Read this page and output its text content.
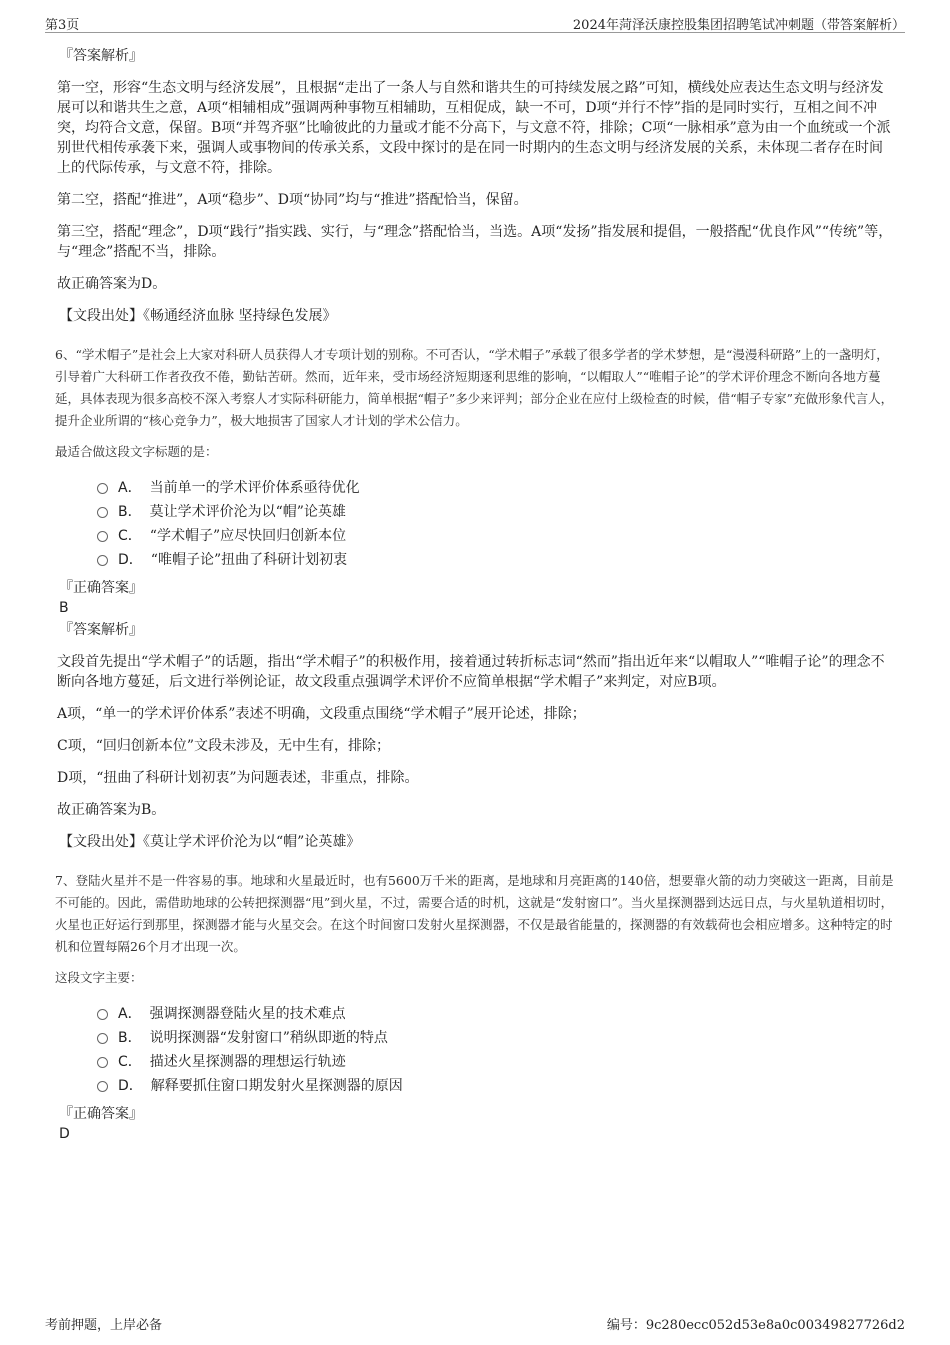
第3页	2024年菏泽沃康控股集团招聘笔试冲刺题（带答案解析）
『答案解析』
第一空，形容“生态文明与经济发展”，且根据“走出了一条人与自然和谐共生的可持续发展之路”可知，横线处应表达生态文明与经济发展可以和谐共生之意，A项“相辅相成”强调两种事物互相辅助，互相促成，缺一不可，D项“并行不悖”指的是同时实行，互相之间不冲突，均符合文意，保留。B项“并驾齐驱”比喻彼此的力量或才能不分高下，与文意不符，排除；C项“一脉相承”意为由一个血统或一个派别世代相传承袭下来，强调人或事物间的传承关系，文段中探讨的是在同一时期内的生态文明与经济发展的关系，未体现二者存在时间上的代际传承，与文意不符，排除。
第二空，搭配“推进”，A项“稳步”、D项“协同”均与“推进”搭配恰当，保留。
第三空，搭配“理念”，D项“践行”指实践、实行，与“理念”搭配恰当，当选。A项“发扬”指发展和提倡，一般搭配“优良作风”“传统”等，与“理念”搭配不当，排除。
故正确答案为D。
【文段出处】《畅通经济血脉 坚持绿色发展》
6、“学术帽子”是社会上大家对科研人员获得人才专项计划的别称。不可否认，“学术帽子”承载了很多学者的学术梦想，是“漫漫科研路”上的一盏明灯，引导着广大科研工作者孜孜不倦，勤钻苦研。然而，近年来，受市场经济短期逐利思维的影响，“以帽取人”“唯帽子论”的学术评价理念不断向各地方蔓延，具体表现为很多高校不深入考察人才实际科研能力，简单根据“帽子”多少来评判；部分企业在应付上级检查的时候，借“帽子专家”充做形象代言人，提升企业所谓的“核心竞争力”，极大地损害了国家人才计划的学术公信力。
最适合做这段文字标题的是：
A． 当前单一的学术评价体系亟待优化
B． 莫让学术评价沦为以“帽”论英雄
C． “学术帽子”应尽快回归创新本位
D． “唯帽子论”扭曲了科研计划初衷
『正确答案』
B
『答案解析』
文段首先提出“学术帽子”的话题，指出“学术帽子”的积极作用，接着通过转折标志词“然而”指出近年来“以帽取人”“唯帽子论”的理念不断向各地方蔓延，后文进行举例论证，故文段重点强调学术评价不应简单根据“学术帽子”来判定，对应B项。
A项，“单一的学术评价体系”表述不明确，文段重点围绕“学术帽子”展开论述，排除；
C项，“回归创新本位”文段未涉及，无中生有，排除；
D项，“扭曲了科研计划初衷”为问题表述，非重点，排除。
故正确答案为B。
【文段出处】《莫让学术评价沦为以“帽”论英雄》
7、登陆火星并不是一件容易的事。地球和火星最近时，也有5600万千米的距离，是地球和月亮距离的140倍，想要靠火箭的动力突破这一距离，目前是不可能的。因此，需借助地球的公转把探测器“甩”到火星，不过，需要合适的时机，这就是“发射窗口”。当火星探测器到达远日点，与火星轨道相切时，火星也正好运行到那里，探测器才能与火星交会。在这个时间窗口发射火星探测器，不仅是最省能量的，探测器的有效载荷也会相应增多。这种特定的时机和位置每隔26个月才出现一次。
这段文字主要：
A． 强调探测器登陆火星的技术难点
B． 说明探测器“发射窗口”稍纵即逝的特点
C． 描述火星探测器的理想运行轨迹
D． 解释要抓住窗口期发射火星探测器的原因
『正确答案』
D
考前押题，上岸必备	编号：9c280ecc052d53e8a0c00349827726d2
